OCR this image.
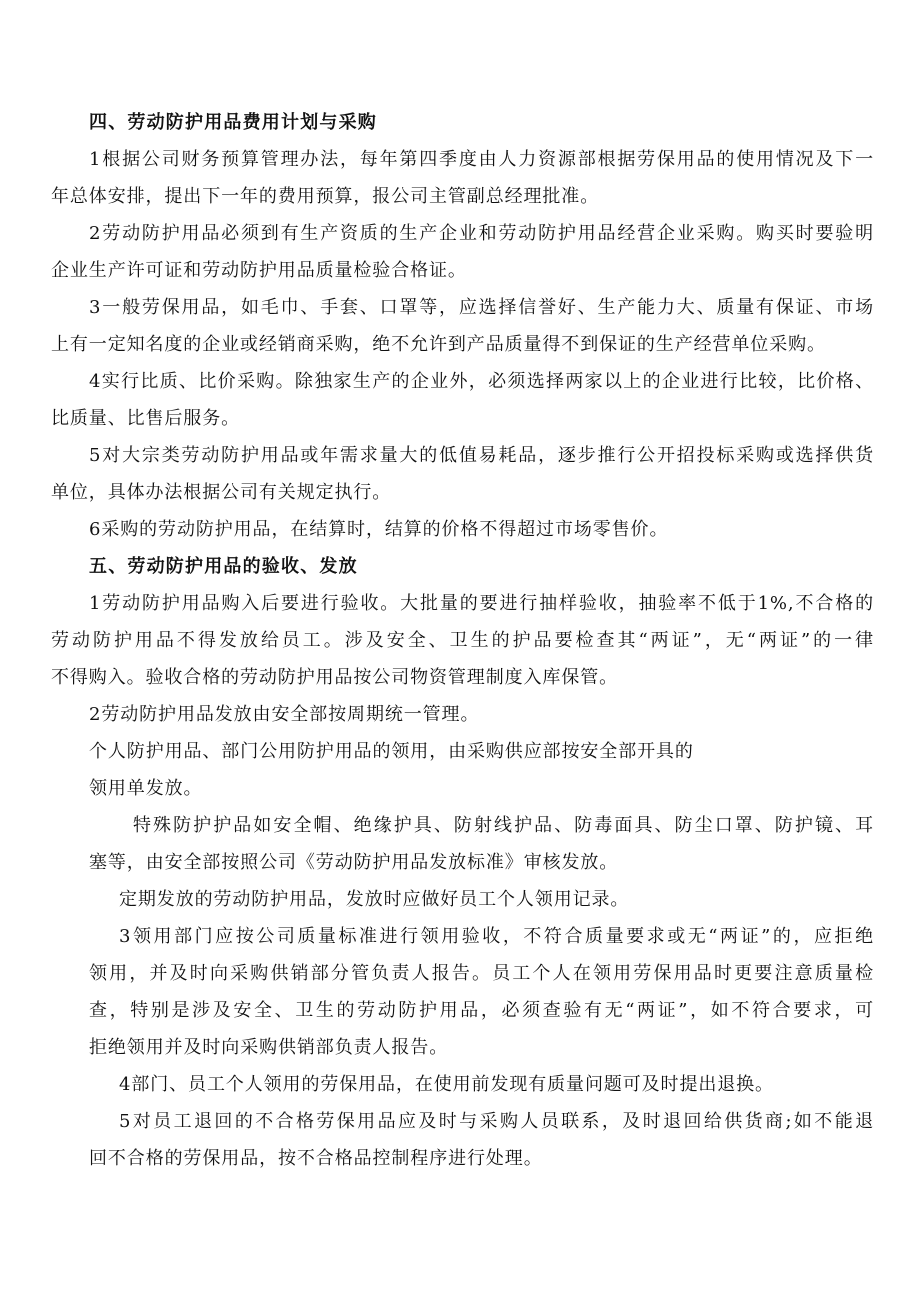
四、劳动防护用品费用计划与采购

1根据公司财务预算管理办法，每年第四季度由人力资源部根据劳保用品的使用情况及下一

年总体安排，提出下一年的费用预算，报公司主管副总经理批准。

2劳动防护用品必须到有生产资质的生产企业和劳动防护用品经营企业采购。购买时要验明

企业生产许可证和劳动防护用品质量检验合格证。

3一般劳保用品，如毛巾、手套、口罩等，应选择信誉好、生产能力大、质量有保证、市场

上有一定知名度的企业或经销商采购，绝不允许到产品质量得不到保证的生产经营单位采购。

4实行比质、比价采购。除独家生产的企业外，必须选择两家以上的企业进行比较，比价格、

比质量、比售后服务。

5对大宗类劳动防护用品或年需求量大的低值易耗品，逐步推行公开招投标采购或选择供货

单位，具体办法根据公司有关规定执行。

6采购的劳动防护用品，在结算时，结算的价格不得超过市场零售价。

五、劳动防护用品的验收、发放

1劳动防护用品购入后要进行验收。大批量的要进行抽样验收，抽验率不低于1%,不合格的

劳动防护用品不得发放给员工。涉及安全、卫生的护品要检查其“两证”，无“两证”的一律

不得购入。验收合格的劳动防护用品按公司物资管理制度入库保管。

2劳动防护用品发放由安全部按周期统一管理。

个人防护用品、部门公用防护用品的领用，由采购供应部按安全部开具的

领用单发放。

特殊防护护品如安全帽、绝缘护具、防射线护品、防毒面具、防尘口罩、防护镜、耳

塞等，由安全部按照公司《劳动防护用品发放标准》审核发放。

定期发放的劳动防护用品，发放时应做好员工个人领用记录。

3领用部门应按公司质量标准进行领用验收，不符合质量要求或无“两证”的，应拒绝

领用，并及时向采购供销部分管负责人报告。员工个人在领用劳保用品时更要注意质量检

查，特别是涉及安全、卫生的劳动防护用品，必须查验有无“两证”，如不符合要求，可

拒绝领用并及时向采购供销部负责人报告。

4部门、员工个人领用的劳保用品，在使用前发现有质量问题可及时提出退换。

5对员工退回的不合格劳保用品应及时与采购人员联系，及时退回给供货商;如不能退

回不合格的劳保用品，按不合格品控制程序进行处理。
